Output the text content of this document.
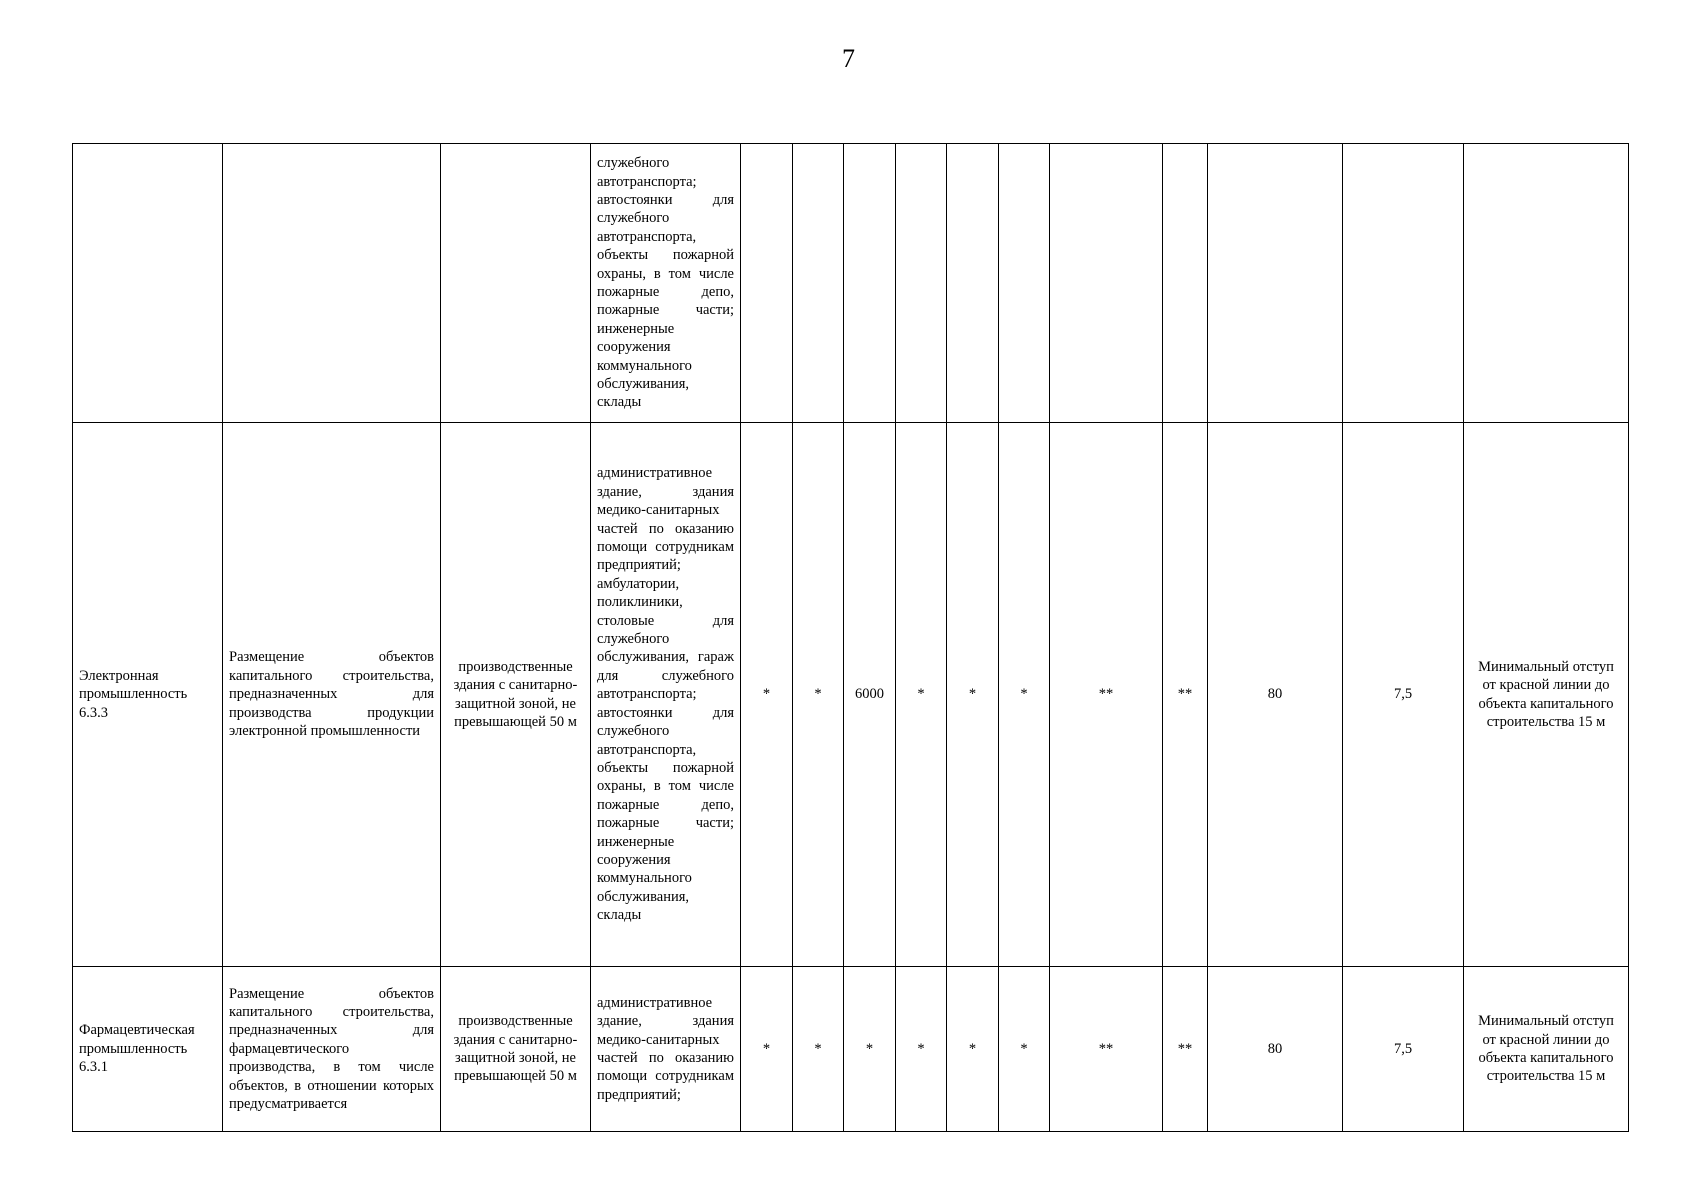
7
			служебного автотранспорта; автостоянки для служебного автотранспорта, объекты пожарной охраны, в том числе пожарные депо, пожарные части; инженерные сооружения коммунального обслуживания, склады											
Электронная промышленность 6.3.3	Размещение объектов капитального строительства, предназначенных для производства продукции электронной промышленности	производственные здания с санитарно-защитной зоной, не превышающей 50 м	административное здание, здания медико-санитарных частей по оказанию помощи сотрудникам предприятий; амбулатории, поликлиники, столовые для служебного обслуживания, гараж для служебного автотранспорта; автостоянки для служебного автотранспорта, объекты пожарной охраны, в том числе пожарные депо, пожарные части; инженерные сооружения коммунального обслуживания, склады	*	*	6000	*	*	*	**	**	80	7,5	Минимальный отступ от красной линии до объекта капитального строительства 15 м
Фармацевтическая промышленность 6.3.1	Размещение объектов капитального строительства, предназначенных для фармацевтического производства, в том числе объектов, в отношении которых предусматривается	производственные здания с санитарно-защитной зоной, не превышающей 50 м	административное здание, здания медико-санитарных частей по оказанию помощи сотрудникам предприятий;	*	*	*	*	*	*	**	**	80	7,5	Минимальный отступ от красной линии до объекта капитального строительства 15 м
